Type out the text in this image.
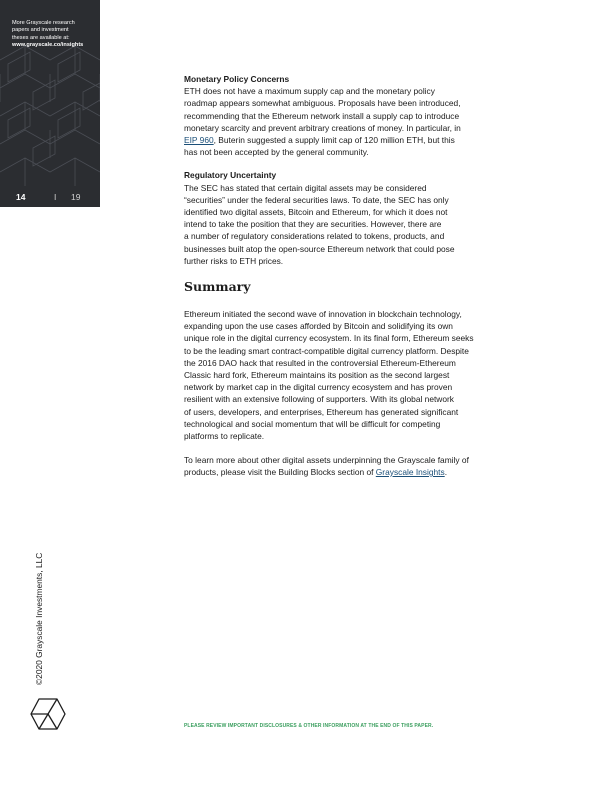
More Grayscale research
papers and investment
theses are available at:
www.grayscale.co/insights
14	I 19
Monetary Policy Concerns

ETH does not have a maximum supply cap and the monetary policy
roadmap appears somewhat ambiguous. Proposals have been introduced,
recommending that the Ethereum network install a supply cap to introduce
monetary scarcity and prevent arbitrary creations of money. In particular, in
EIP 960, Buterin suggested a supply limit cap of 120 million ETH, but this
has not been accepted by the general community.

Regulatory Uncertainty

The SEC has stated that certain digital assets may be considered
“securities” under the federal securities laws. To date, the SEC has only
identified two digital assets, Bitcoin and Ethereum, for which it does not
intend to take the position that they are securities. However, there are
a number of regulatory considerations related to tokens, products, and
businesses built atop the open-source Ethereum network that could pose
further risks to ETH prices.

Summary

Ethereum initiated the second wave of innovation in blockchain technology,
expanding upon the use cases afforded by Bitcoin and solidifying its own
unique role in the digital currency ecosystem. In its final form, Ethereum seeks
to be the leading smart contract-compatible digital currency platform. Despite
the 2016 DAO hack that resulted in the controversial Ethereum-Ethereum
Classic hard fork, Ethereum maintains its position as the second largest
network by market cap in the digital currency ecosystem and has proven
resilient with an extensive following of supporters. With its global network
of users, developers, and enterprises, Ethereum has generated significant
technological and social momentum that will be difficult for competing
platforms to replicate.

To learn more about other digital assets underpinning the Grayscale family of
products, please visit the Building Blocks section of Grayscale Insights.

©2020 Grayscale Investments, LLC
PLEASE REVIEW IMPORTANT DISCLOSURES & OTHER INFORMATION AT THE END OF THIS PAPER.
